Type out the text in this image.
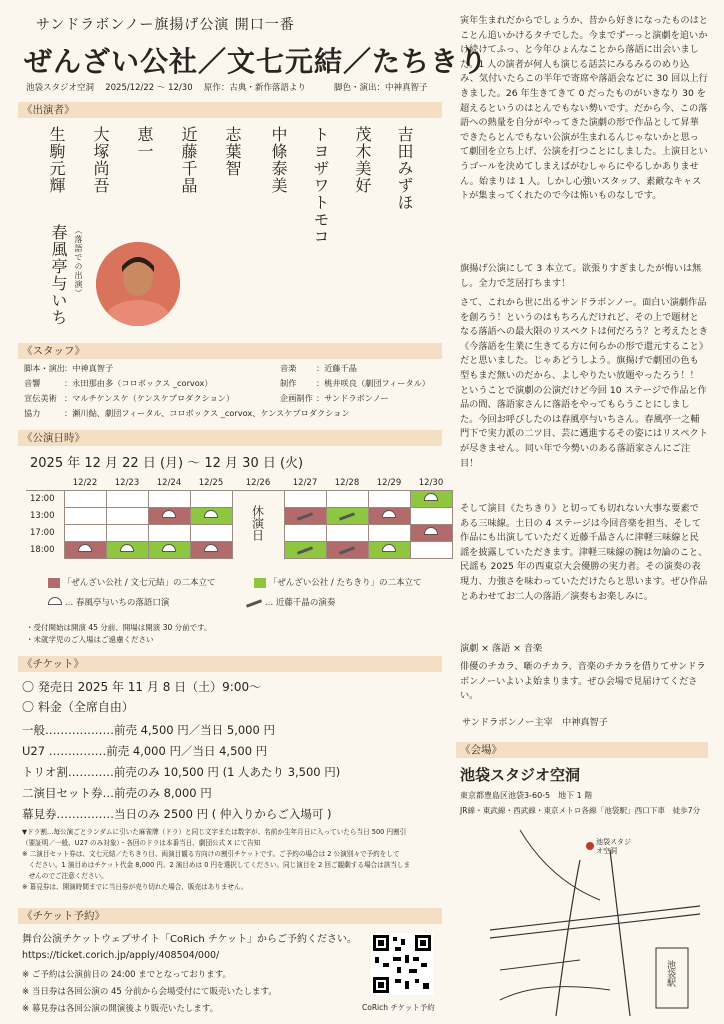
サンドラボンノー旗揚げ公演 開口一番
ぜんざい公社／文七元結／たちきり
池袋スタジオ空洞　 2025/12/22 〜 12/30　 原作：古典・新作落語より　　　	脚色・演出：中神真智子
《出演者》
吉田みずほ
茂木美好
トヨザワトモコ
中條泰美
志葉智
近藤千晶
恵一
大塚尚吾
生駒元輝
（落語での出演）
春風亭与いち
《スタッフ》
脚本・演出：中神真智子	音楽 ：近藤千晶
音響	：永田那由多（コロボックス _corvox）	制作 ：桃井咲良（劇団フィータル）
宣伝美術 ：マルチケンスケ（ケンスケプロダクション）	企画制作 ：サンドラボンノー
協力	：瀬川鮎、劇団フィータル、コロボックス _corvox、ケンスケプロダクション
《公演日時》
2025 年 12 月 22 日 (月) 〜 12 月 30 日 (火)
	12/22	12/23	12/24	12/25	12/26	12/27	12/28	12/29	12/30
12:00					休演日				
13:00									
17:00									
18:00									
「ぜんざい公社 / 文七元結」の二本立て	「ぜんざい公社 / たちきり」の二本立て
… 春風亭与いちの落語口演	… 近藤千晶の演奏
・受付開始は開演 45 分前、開場は開演 30 分前です。
・未就学児のご入場はご遠慮ください
《チケット》
〇 発売日 2025 年 11 月 8 日（土）9:00〜
〇 料金（全席自由）
一般………………前売 4,500 円／当日 5,000 円
U27 ……………前売 4,000 円／当日 4,500 円
トリオ割…………前売のみ 10,500 円 (1 人あたり 3,500 円)
二演目セット券…前売のみ 8,000 円
幕見券……………当日のみ 2500 円 ( 仲入りからご入場可 )
▼ドラ割…毎公演ごとランダムに引いた麻雀牌（ドラ）と同じ文字または数字が、名前か生年月日に入っていたら当日 500 円割引
（要証明／一般、U27 のみ対象）・各回のドラは本番当日、劇団公式 X にて告知
※ 二演目セット券は、文七元結／たちきり目、両演目観る方向けの割引チケットです。ご予約の場合は 2 公演別々で予約をして
　ください。1 演目めはチケット代金 8,000 円、2 演目めは 0 円を選択してください。同じ演目を 2 回ご観劇する場合は該当しま
　せんのでご注意ください。
※ 幕見券は、開演時間までに当日券が売り切れた場合、販売はありません。
《チケット予約》
舞台公演チケットウェブサイト「CoRich チケット」からご予約ください。
https://ticket.corich.jp/apply/408504/000/
※ ご予約は公演前日の 24:00 までとなっております。
※ 当日券は各回公演の 45 分前から会場受付にて販売いたします。
※ 幕見券は各回公演の開演後より販売いたします。	CoRich チケット予約
寅年生まれだからでしょうか、昔から好きになったものはとことん追いかけるタチでした。今までずーっと演劇を追いかけ続けてふっ、と今年ひょんなことから落語に出会いました。1 人の演者が何人も演じる話芸にみるみるのめり込み、気付いたらこの半年で寄席や落語会などに 30 回以上行きました。26 年生きてきて 0 だったものがいきなり 30 を超えるというのはとんでもない勢いです。だから今、この落語への熱量を自分がやってきた演劇の形で作品として昇華できたらとんでもない公演が生まれるんじゃないかと思って劇団を立ち上げ、公演を打つことにしました。上演日というゴールを決めてしまえばがむしゃらにやるしかありません。始まりは 1 人。しかし心強いスタッフ、素敵なキャストが集まってくれたので今は怖いものなしです。
旗揚げ公演にして 3 本立て。欲張りすぎましたが悔いは無し。全力で芝居打ちます！
さて、これから世に出るサンドラボンノー。面白い演劇作品を創ろう！というのはもちろんだけれど、その上で題材となる落語への最大限のリスペクトは何だろう？と考えたとき《今落語を生業に生きてる方に何らかの形で還元すること》だと思いました。じゃあどうしよう。旗揚げで劇団の色も型もまだ無いのだから、よしやりたい放題やったろう！！ということで演劇の公演だけど今回 10 ステージで作品と作品の間、落語家さんに落語をやってもらうことにしました。今回お呼びしたのは春風亭与いちさん。春風亭一之輔門下で実力派の二ツ目、芸に邁進するその姿にはリスペクトが尽きません。同い年で今勢いのある落語家さんにご注目！
そして演目《たちきり》と切っても切れない大事な要素である三味線。土日の 4 ステージは今回音楽を担当、そして作品にも出演していただく近藤千晶さんに津軽三味線と民謡を披露していただきます。津軽三味線の腕は勿論のこと、民謡も 2025 年の西東京大会優勝の実力者。その演奏の表現力、力強さを味わっていただけたらと思います。ぜひ作品とあわせてお二人の落語／演奏もお楽しみに。
演劇 × 落語 × 音楽
俳優のチカラ、噺のチカラ、音楽のチカラを借りてサンドラボンノーいよいよ始まります。ぜひ会場で見届けてください。
サンドラボンノー主宰　中神真智子
《会場》
池袋スタジオ空洞
東京都豊島区池袋3-60-5　地下 1 階
JR線・東武線・西武線・東京メトロ各線「池袋駅」西口下車　徒歩7分
池袋スタジオ空洞
池袋駅
